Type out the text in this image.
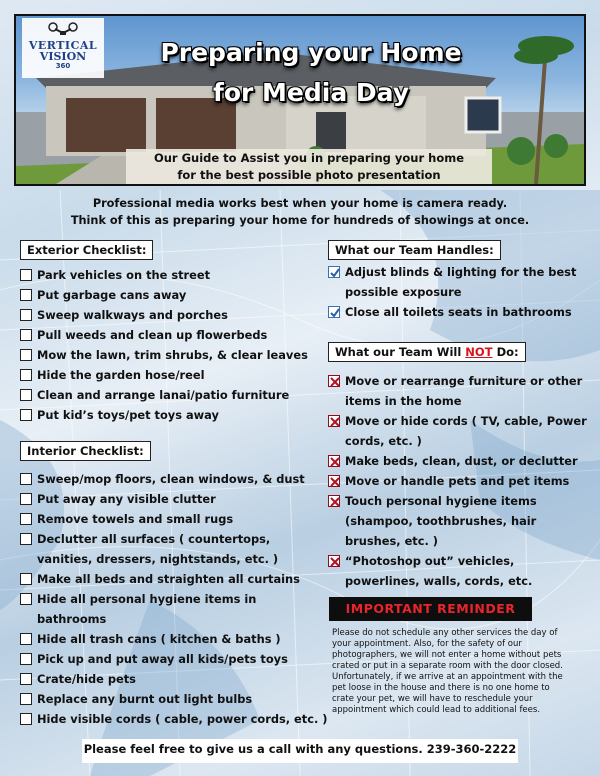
VERTICAL
VISION
360	Preparing your Home
for Media Day
Our Guide to Assist you in preparing your home
for the best possible photo presentation
Professional media works best when your home is camera ready.
Think of this as preparing your home for hundreds of showings at once.
Exterior Checklist:
Park vehicles on the street
Put garbage cans away
Sweep walkways and porches
Pull weeds and clean up flowerbeds
Mow the lawn, trim shrubs, & clear leaves
Hide the garden hose/reel
Clean and arrange lanai/patio furniture
Put kid’s toys/pet toys away
Interior Checklist:
Sweep/mop floors, clean windows, & dust
Put away any visible clutter
Remove towels and small rugs
Declutter all surfaces ( countertops,
vanities, dressers, nightstands, etc. )
Make all beds and straighten all curtains
Hide all personal hygiene items in
bathrooms
Hide all trash cans ( kitchen & baths )
Pick up and put away all kids/pets toys
Crate/hide pets
Replace any burnt out light bulbs
Hide visible cords ( cable, power cords, etc. )
What our Team Handles:
Adjust blinds & lighting for the best
possible exposure
Close all toilets seats in bathrooms
What our Team Will NOT Do:
Move or rearrange furniture or other
items in the home
Move or hide cords ( TV, cable, Power
cords, etc. )
Make beds, clean, dust, or declutter
Move or handle pets and pet items
Touch personal hygiene items
(shampoo, toothbrushes, hair
brushes, etc. )
“Photoshop out” vehicles,
powerlines, walls, cords, etc.
IMPORTANT REMINDER
Please do not schedule any other services the day of
your appointment. Also, for the safety of our
photographers, we will not enter a home without pets
crated or put in a separate room with the door closed.
Unfortunately, if we arrive at an appointment with the
pet loose in the house and there is no one home to
crate your pet, we will have to reschedule your
appointment which could lead to additional fees.
Please feel free to give us a call with any questions. 239-360-2222
